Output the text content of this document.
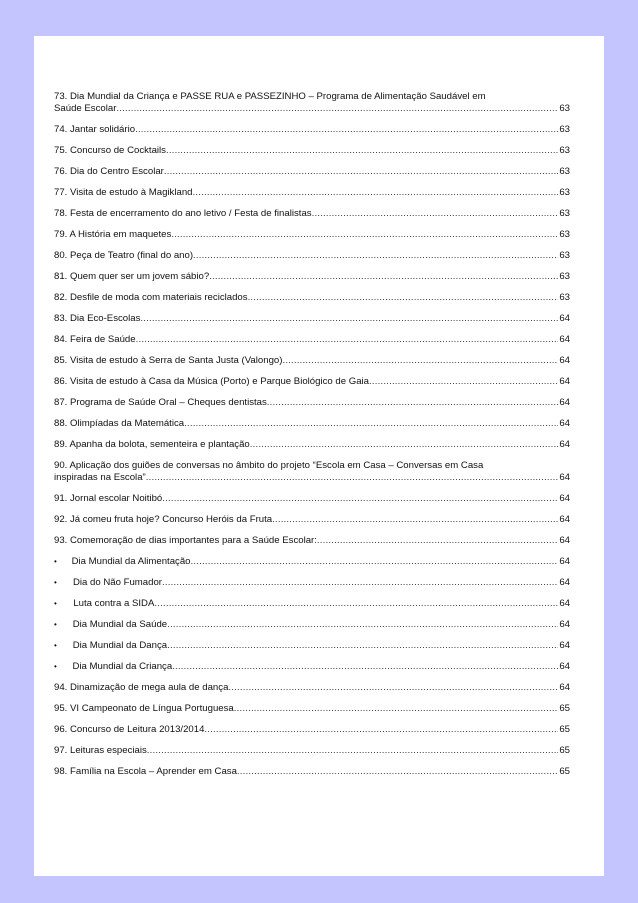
73. Dia Mundial da Criança e PASSE RUA e PASSEZINHO – Programa de Alimentação Saudável em
Saúde Escolar .....	63
74. Jantar solidário .....	63
75. Concurso de Cocktails .....	63
76. Dia do Centro Escolar .....	63
77. Visita de estudo à Magikland .....	63
78. Festa de encerramento do ano letivo / Festa de finalistas .....	63
79. A História em maquetes .....	63
80. Peça de Teatro (final do ano) .....	63
81. Quem quer ser um jovem sábio? .....	63
82. Desfile de moda com materiais reciclados .....	63
83. Dia Eco-Escolas .....	64
84. Feira de Saúde .....	64
85. Visita de estudo à Serra de Santa Justa (Valongo) .....	64
86. Visita de estudo à Casa da Música (Porto) e Parque Biológico de Gaia .....	64
87. Programa de Saúde Oral – Cheques dentistas .....	64
88. Olimpíadas da Matemática .....	64
89. Apanha da bolota, sementeira e plantação .....	64
90. Aplicação dos guiões de conversas no âmbito do projeto “Escola em Casa – Conversas em Casa
inspiradas na Escola” .....	64
91. Jornal escolar Noitibó .....	64
92. Já comeu fruta hoje? Concurso Heróis da Fruta .....	64
93. Comemoração de dias importantes para a Saúde Escolar: .....	64
•	Dia Mundial da Alimentação .....	64
•	Dia do Não Fumador .....	64
•	Luta contra a SIDA .....	64
•	Dia Mundial da Saúde .....	64
•	Dia Mundial da Dança .....	64
•	Dia Mundial da Criança .....	64
94. Dinamização de mega aula de dança .....	64
95. VI Campeonato de Língua Portuguesa .....	65
96. Concurso de Leitura 2013/2014 .....	65
97. Leituras especiais .....	65
98. Família na Escola – Aprender em Casa .....	65
